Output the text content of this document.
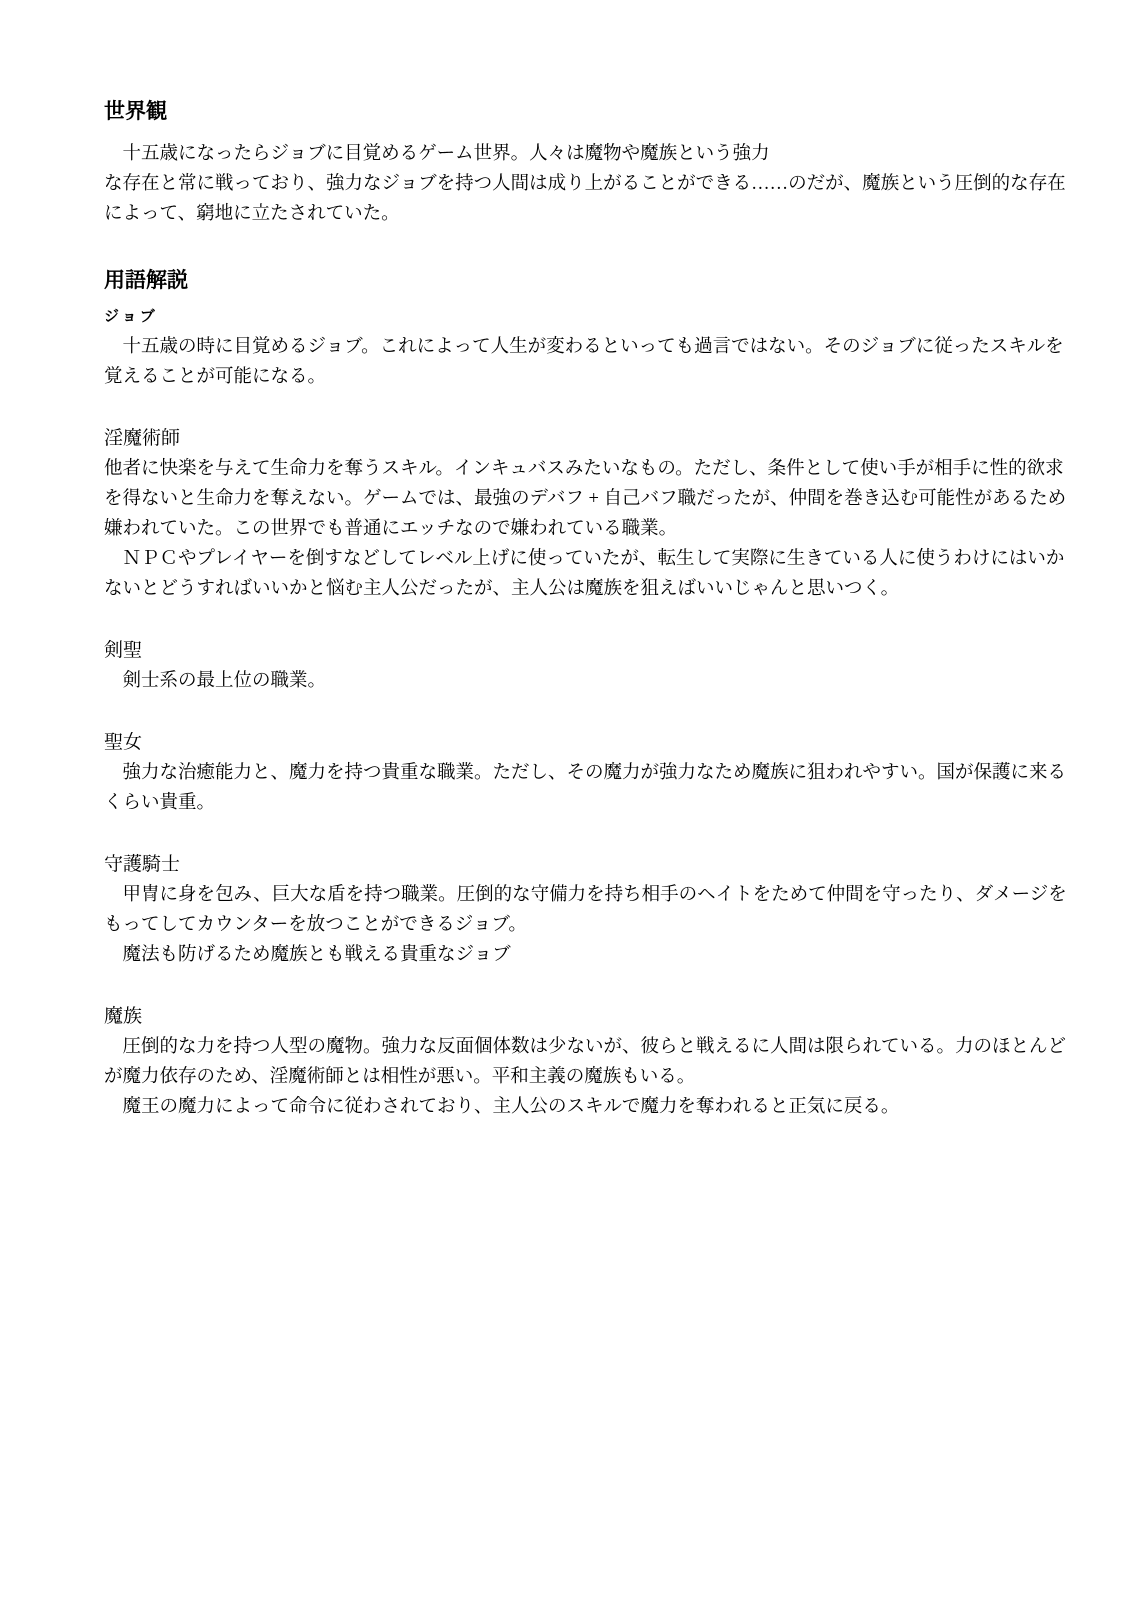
世界観
　十五歳になったらジョブに目覚めるゲーム世界。人々は魔物や魔族という強力
な存在と常に戦っており、強力なジョブを持つ人間は成り上がることができる……のだが、魔族という圧倒的な存在
によって、窮地に立たされていた。
用語解説
ジョブ
　十五歳の時に目覚めるジョブ。これによって人生が変わるといっても過言ではない。そのジョブに従ったスキルを
覚えることが可能になる。
淫魔術師
他者に快楽を与えて生命力を奪うスキル。インキュバスみたいなもの。ただし、条件として使い手が相手に性的欲求
を得ないと生命力を奪えない。ゲームでは、最強のデバフ + 自己バフ職だったが、仲間を巻き込む可能性があるため
嫌われていた。この世界でも普通にエッチなので嫌われている職業。
　ＮＰＣやプレイヤーを倒すなどしてレベル上げに使っていたが、転生して実際に生きている人に使うわけにはいか
ないとどうすればいいかと悩む主人公だったが、主人公は魔族を狙えばいいじゃんと思いつく。
剣聖
　剣士系の最上位の職業。
聖女
　強力な治癒能力と、魔力を持つ貴重な職業。ただし、その魔力が強力なため魔族に狙われやすい。国が保護に来る
くらい貴重。
守護騎士
　甲冑に身を包み、巨大な盾を持つ職業。圧倒的な守備力を持ち相手のヘイトをためて仲間を守ったり、ダメージを
もってしてカウンターを放つことができるジョブ。
　魔法も防げるため魔族とも戦える貴重なジョブ
魔族
　圧倒的な力を持つ人型の魔物。強力な反面個体数は少ないが、彼らと戦えるに人間は限られている。力のほとんど
が魔力依存のため、淫魔術師とは相性が悪い。平和主義の魔族もいる。
　魔王の魔力によって命令に従わされており、主人公のスキルで魔力を奪われると正気に戻る。
